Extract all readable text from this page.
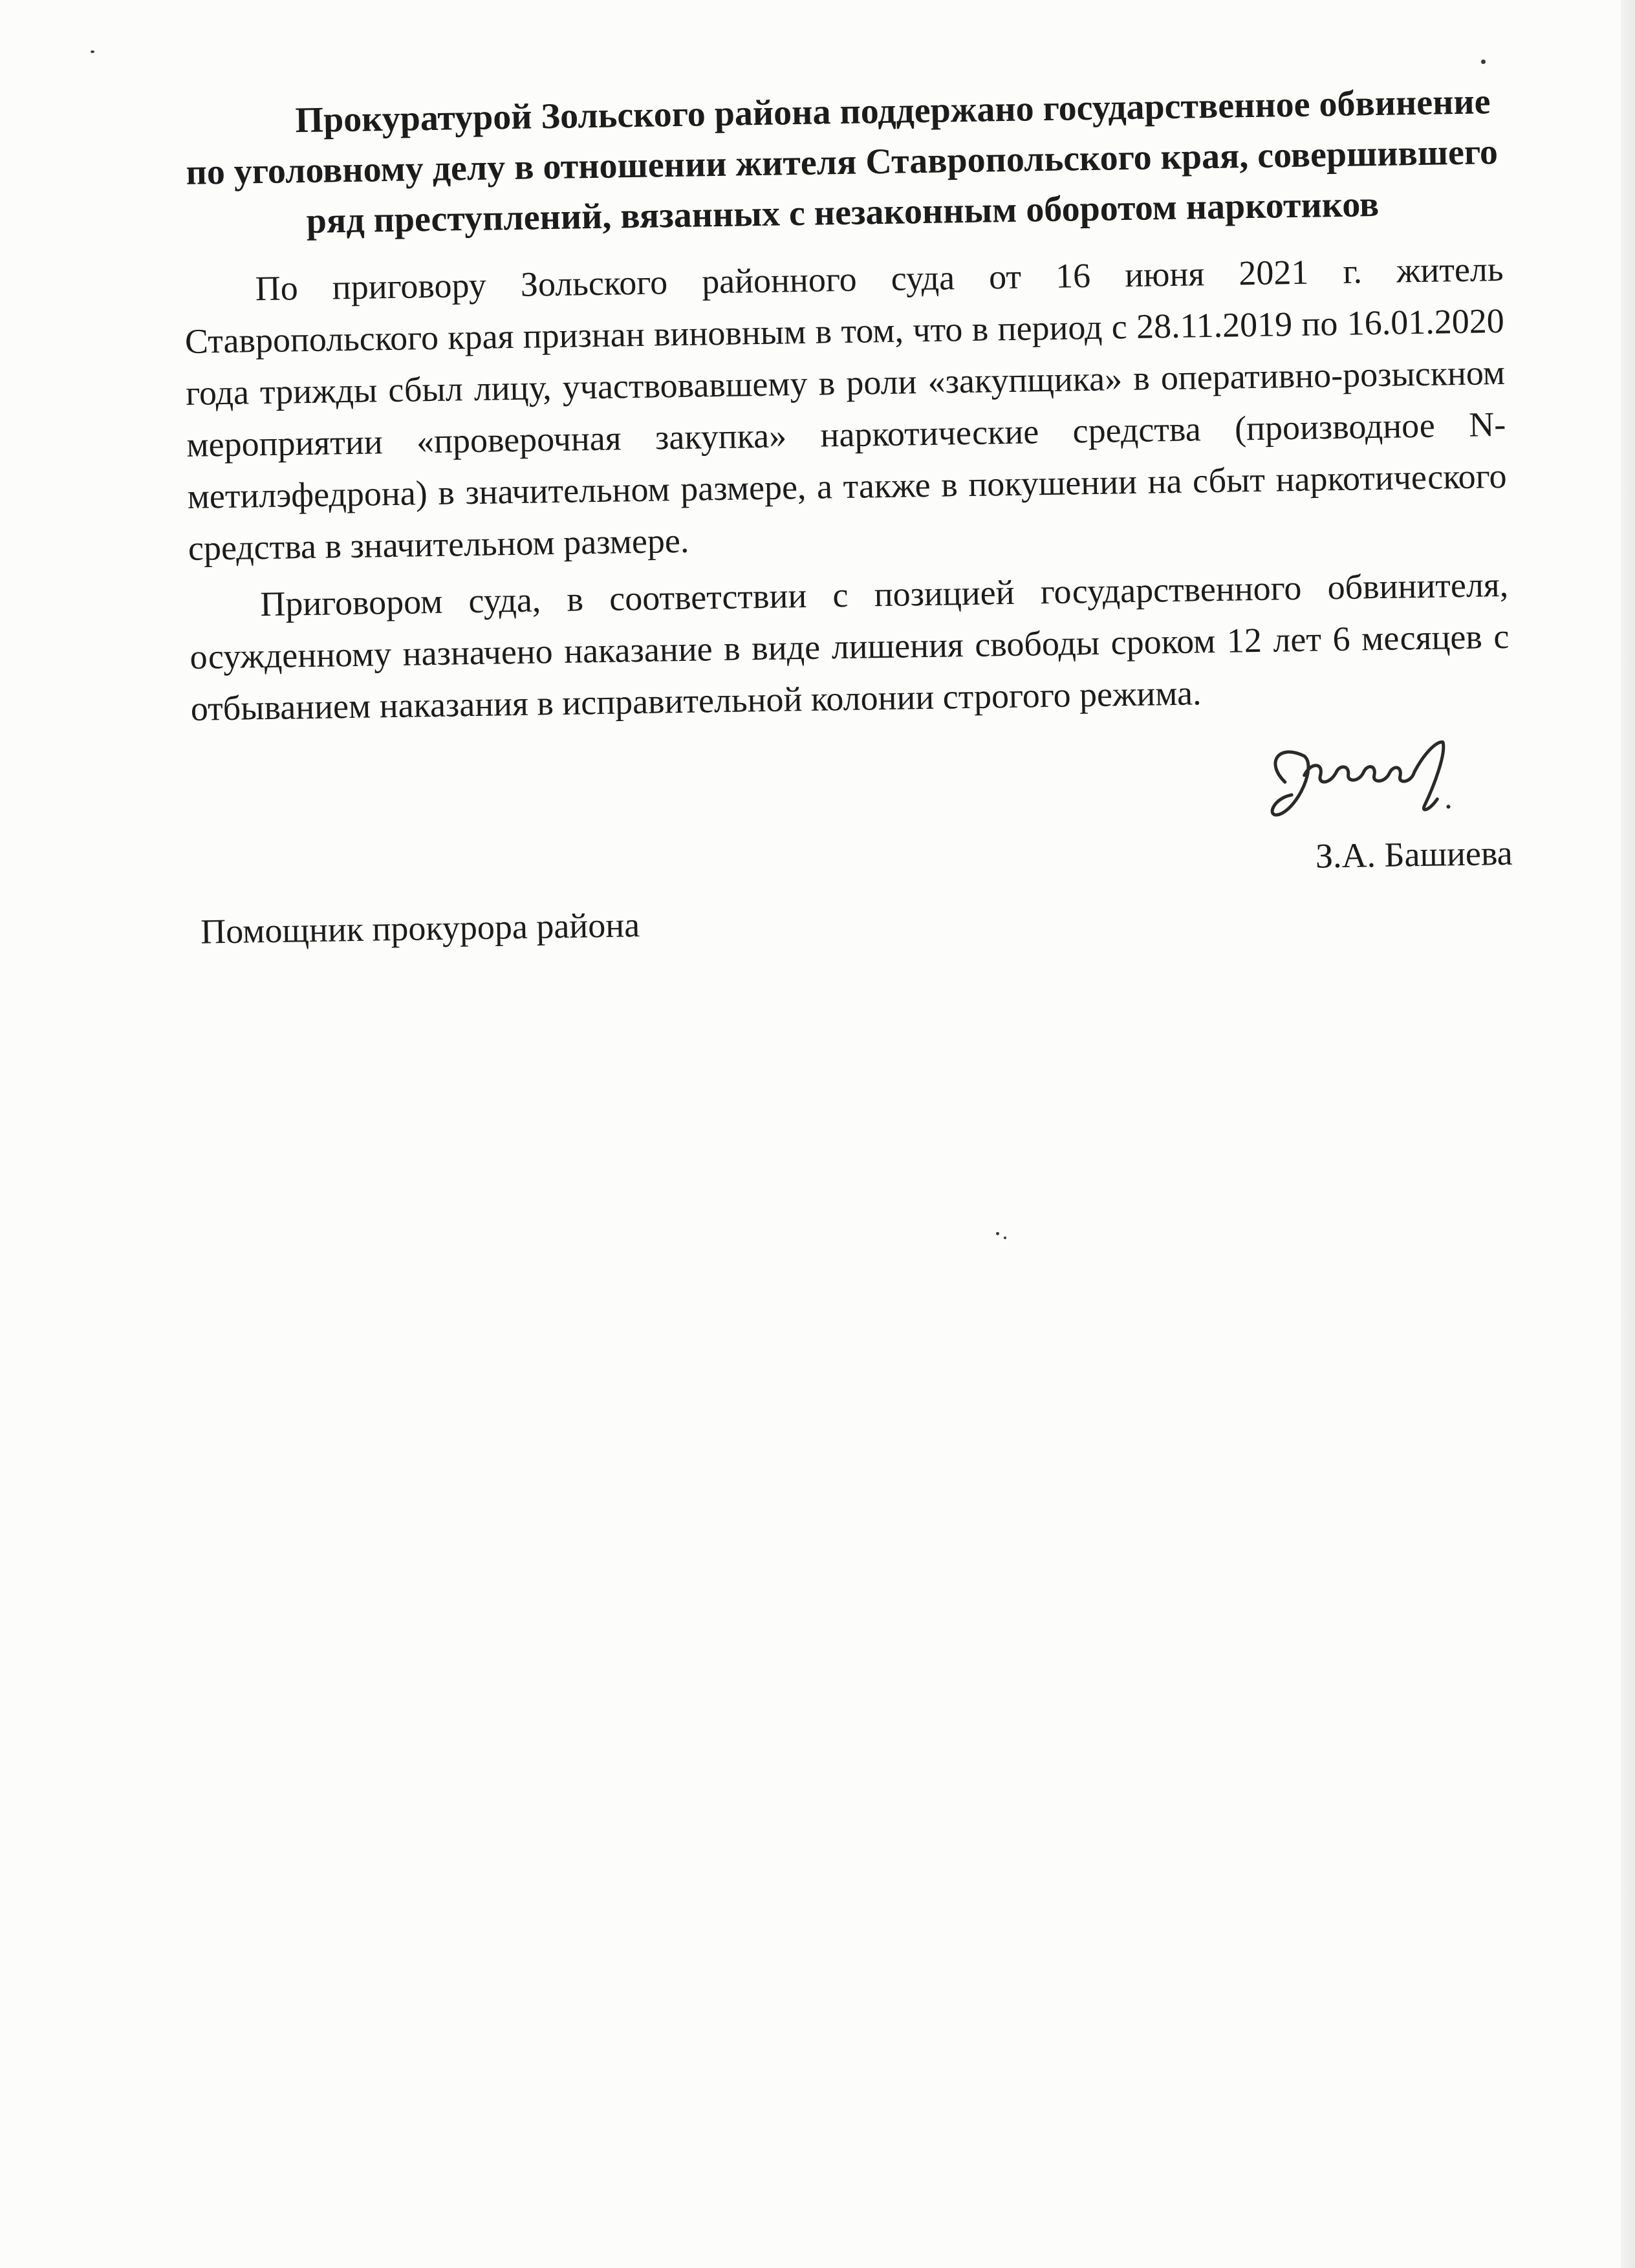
Прокуратурой Зольского района поддержано государственное обвинение по уголовному делу в отношении жителя Ставропольского края, совершившего ряд преступлений, вязанных с незаконным оборотом наркотиков

По приговору Зольского районного суда от 16 июня 2021 г. житель Ставропольского края признан виновным в том, что в период с 28.11.2019 по 16.01.2020 года трижды сбыл лицу, участвовавшему в роли «закупщика» в оперативно-розыскном мероприятии «проверочная закупка» наркотические средства (производное N-метилэфедрона) в значительном размере, а также в покушении на сбыт наркотического средства в значительном размере.

Приговором суда, в соответствии с позицией государственного обвинителя, осужденному назначено наказание в виде лишения свободы сроком 12 лет 6 месяцев с отбыванием наказания в исправительной колонии строгого режима.

З.А. Башиева
Помощник прокурора района
